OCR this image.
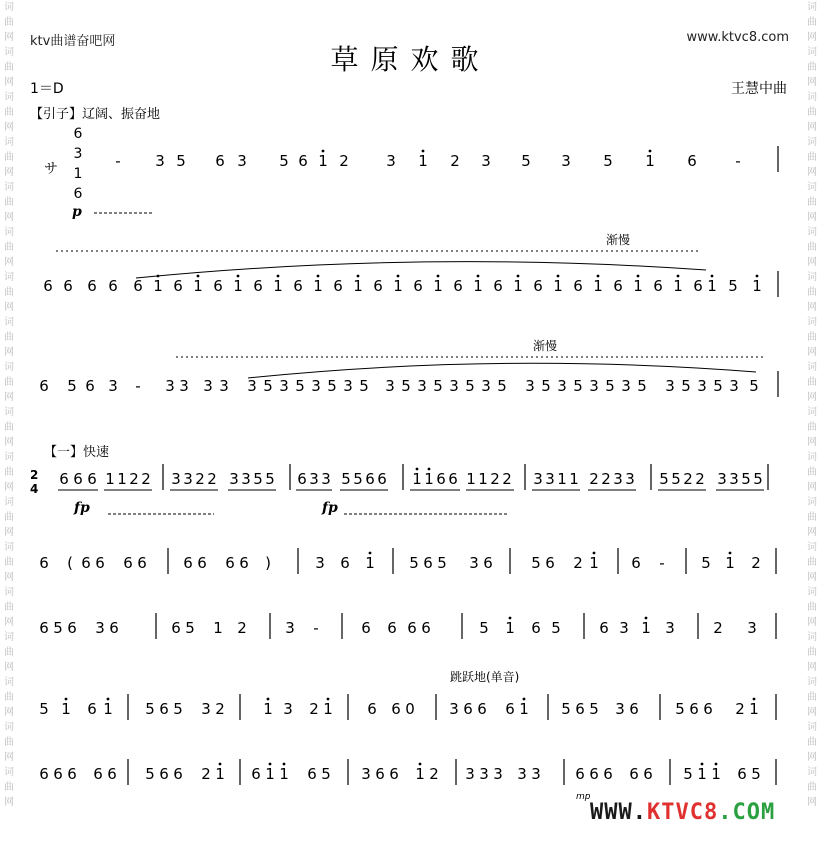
词
曲
网
词
曲
网
词
曲
网
词
曲
网
词
曲
网
词
曲
网
词
曲
网
词
曲
网
词
曲
网
词
曲
网
词
曲
网
词
曲
网
词
曲
网
词
曲
网
词
曲
网
词
曲
网
词
曲
网
词
曲
网
词
曲
网
词
曲
网
词
曲
网
词
曲
网
词
曲
网
词
曲
网
词
曲
网
词
曲
网
词
曲
网
词
曲
网
词
曲
网
词
曲
网
词
曲
网
词
曲
网
词
曲
网
词
曲
网
词
曲
网
词
曲
网
ktv曲谱奋吧网	www.ktvc8.com
草原欢歌
1＝D	王慧中曲
【引子】辽阔、振奋地
サ
p
渐慢
渐慢
【一】快速
2
4
fp	fp
跳跃地(单音)
mp
- 3 5 6 3 5 6 1 2 3 1 2 3 5 3 5 1 6	-
6 6 6 6 6 1 6 1 6 1 6 1 6 1 6 1 6 1 6 1 6 1 6 1 6 1 6 1 6 1 6 1 6 1 5 1
6 5 6 3 - 3 3 3 3 3 5 3 5 3 5 3 5 3 5 3 5 3 5 3 5 3 5 3 5 3 5 3 5 3 5 3 5 3 5
6 6 6 1 1 2 2 3 3 2 2 3 3 5 5 6 3 3 5 5 6 6 1 1 6 6 1 1 2 2 3 3 1 1 2 2 3 3 5 5 2 2 3 3 5 5
6 ( 6 6 6 6 6 6 6 6 )	3 6 1 5 6 5 3 6	5 6 2 1 6 - 5 1 2
6 5 6 3 6	6 5 1 2	3 -	6 6 6 6	5 1 6 5	6 3 1 3	2 3
5 1 6 1 5 6 5 3 2	1 3 2 1 6 6 0 3 6 6 6 1 5 6 5 3 6 5 6 6 2 1
6 6 6 6 6 5 6 6 2 1 6 1 1 6 5 3 6 6 1 2 3 3 3 3 3 6 6 6 6 6 5 1 1 6 5
6
3
1
6
WWW.KTVC8.COM
